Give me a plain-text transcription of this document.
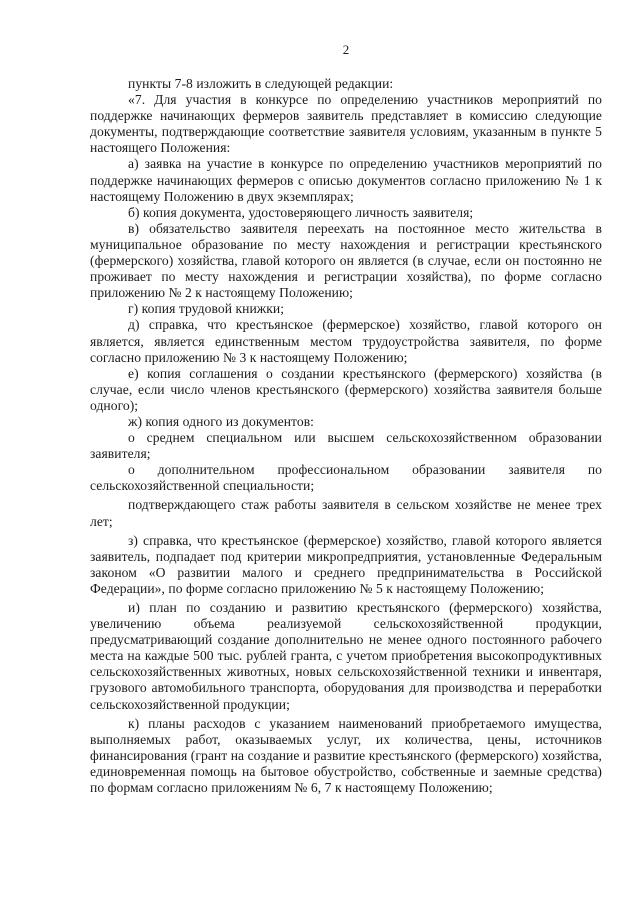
2

пункты 7-8 изложить в следующей редакции:

«7. Для участия в конкурсе по определению участников мероприятий по поддержке начинающих фермеров заявитель представляет в комиссию следующие документы, подтверждающие соответствие заявителя условиям, указанным в пункте 5 настоящего Положения:

а) заявка на участие в конкурсе по определению участников мероприятий по поддержке начинающих фермеров с описью документов согласно приложению № 1 к настоящему Положению в двух экземплярах;

б) копия документа, удостоверяющего личность заявителя;

в) обязательство заявителя переехать на постоянное место жительства в муниципальное образование по месту нахождения и регистрации крестьянского (фермерского) хозяйства, главой которого он является (в случае, если он постоянно не проживает по месту нахождения и регистрации хозяйства), по форме согласно приложению № 2 к настоящему Положению;

г) копия трудовой книжки;

д) справка, что крестьянское (фермерское) хозяйство, главой которого он является, является единственным местом трудоустройства заявителя, по форме согласно приложению № 3 к настоящему Положению;

е) копия соглашения о создании крестьянского (фермерского) хозяйства (в случае, если число членов крестьянского (фермерского) хозяйства заявителя больше одного);

ж) копия одного из документов:

о среднем специальном или высшем сельскохозяйственном образовании заявителя;

о дополнительном профессиональном образовании заявителя по сельскохозяйственной специальности;

подтверждающего стаж работы заявителя в сельском хозяйстве не менее трех лет;

з) справка, что крестьянское (фермерское) хозяйство, главой которого является заявитель, подпадает под критерии микропредприятия, установленные Федеральным законом «О развитии малого и среднего предпринимательства в Российской Федерации», по форме согласно приложению № 5 к настоящему Положению;

и) план по созданию и развитию крестьянского (фермерского) хозяйства, увеличению объема реализуемой сельскохозяйственной продукции, предусматривающий создание дополнительно не менее одного постоянного рабочего места на каждые 500 тыс. рублей гранта, с учетом приобретения высокопродуктивных сельскохозяйственных животных, новых сельскохозяйственной техники и инвентаря, грузового автомобильного транспорта, оборудования для производства и переработки сельскохозяйственной продукции;

к) планы расходов с указанием наименований приобретаемого имущества, выполняемых работ, оказываемых услуг, их количества, цены, источников финансирования (грант на создание и развитие крестьянского (фермерского) хозяйства, единовременная помощь на бытовое обустройство, собственные и заемные средства) по формам согласно приложениям № 6, 7 к настоящему Положению;
